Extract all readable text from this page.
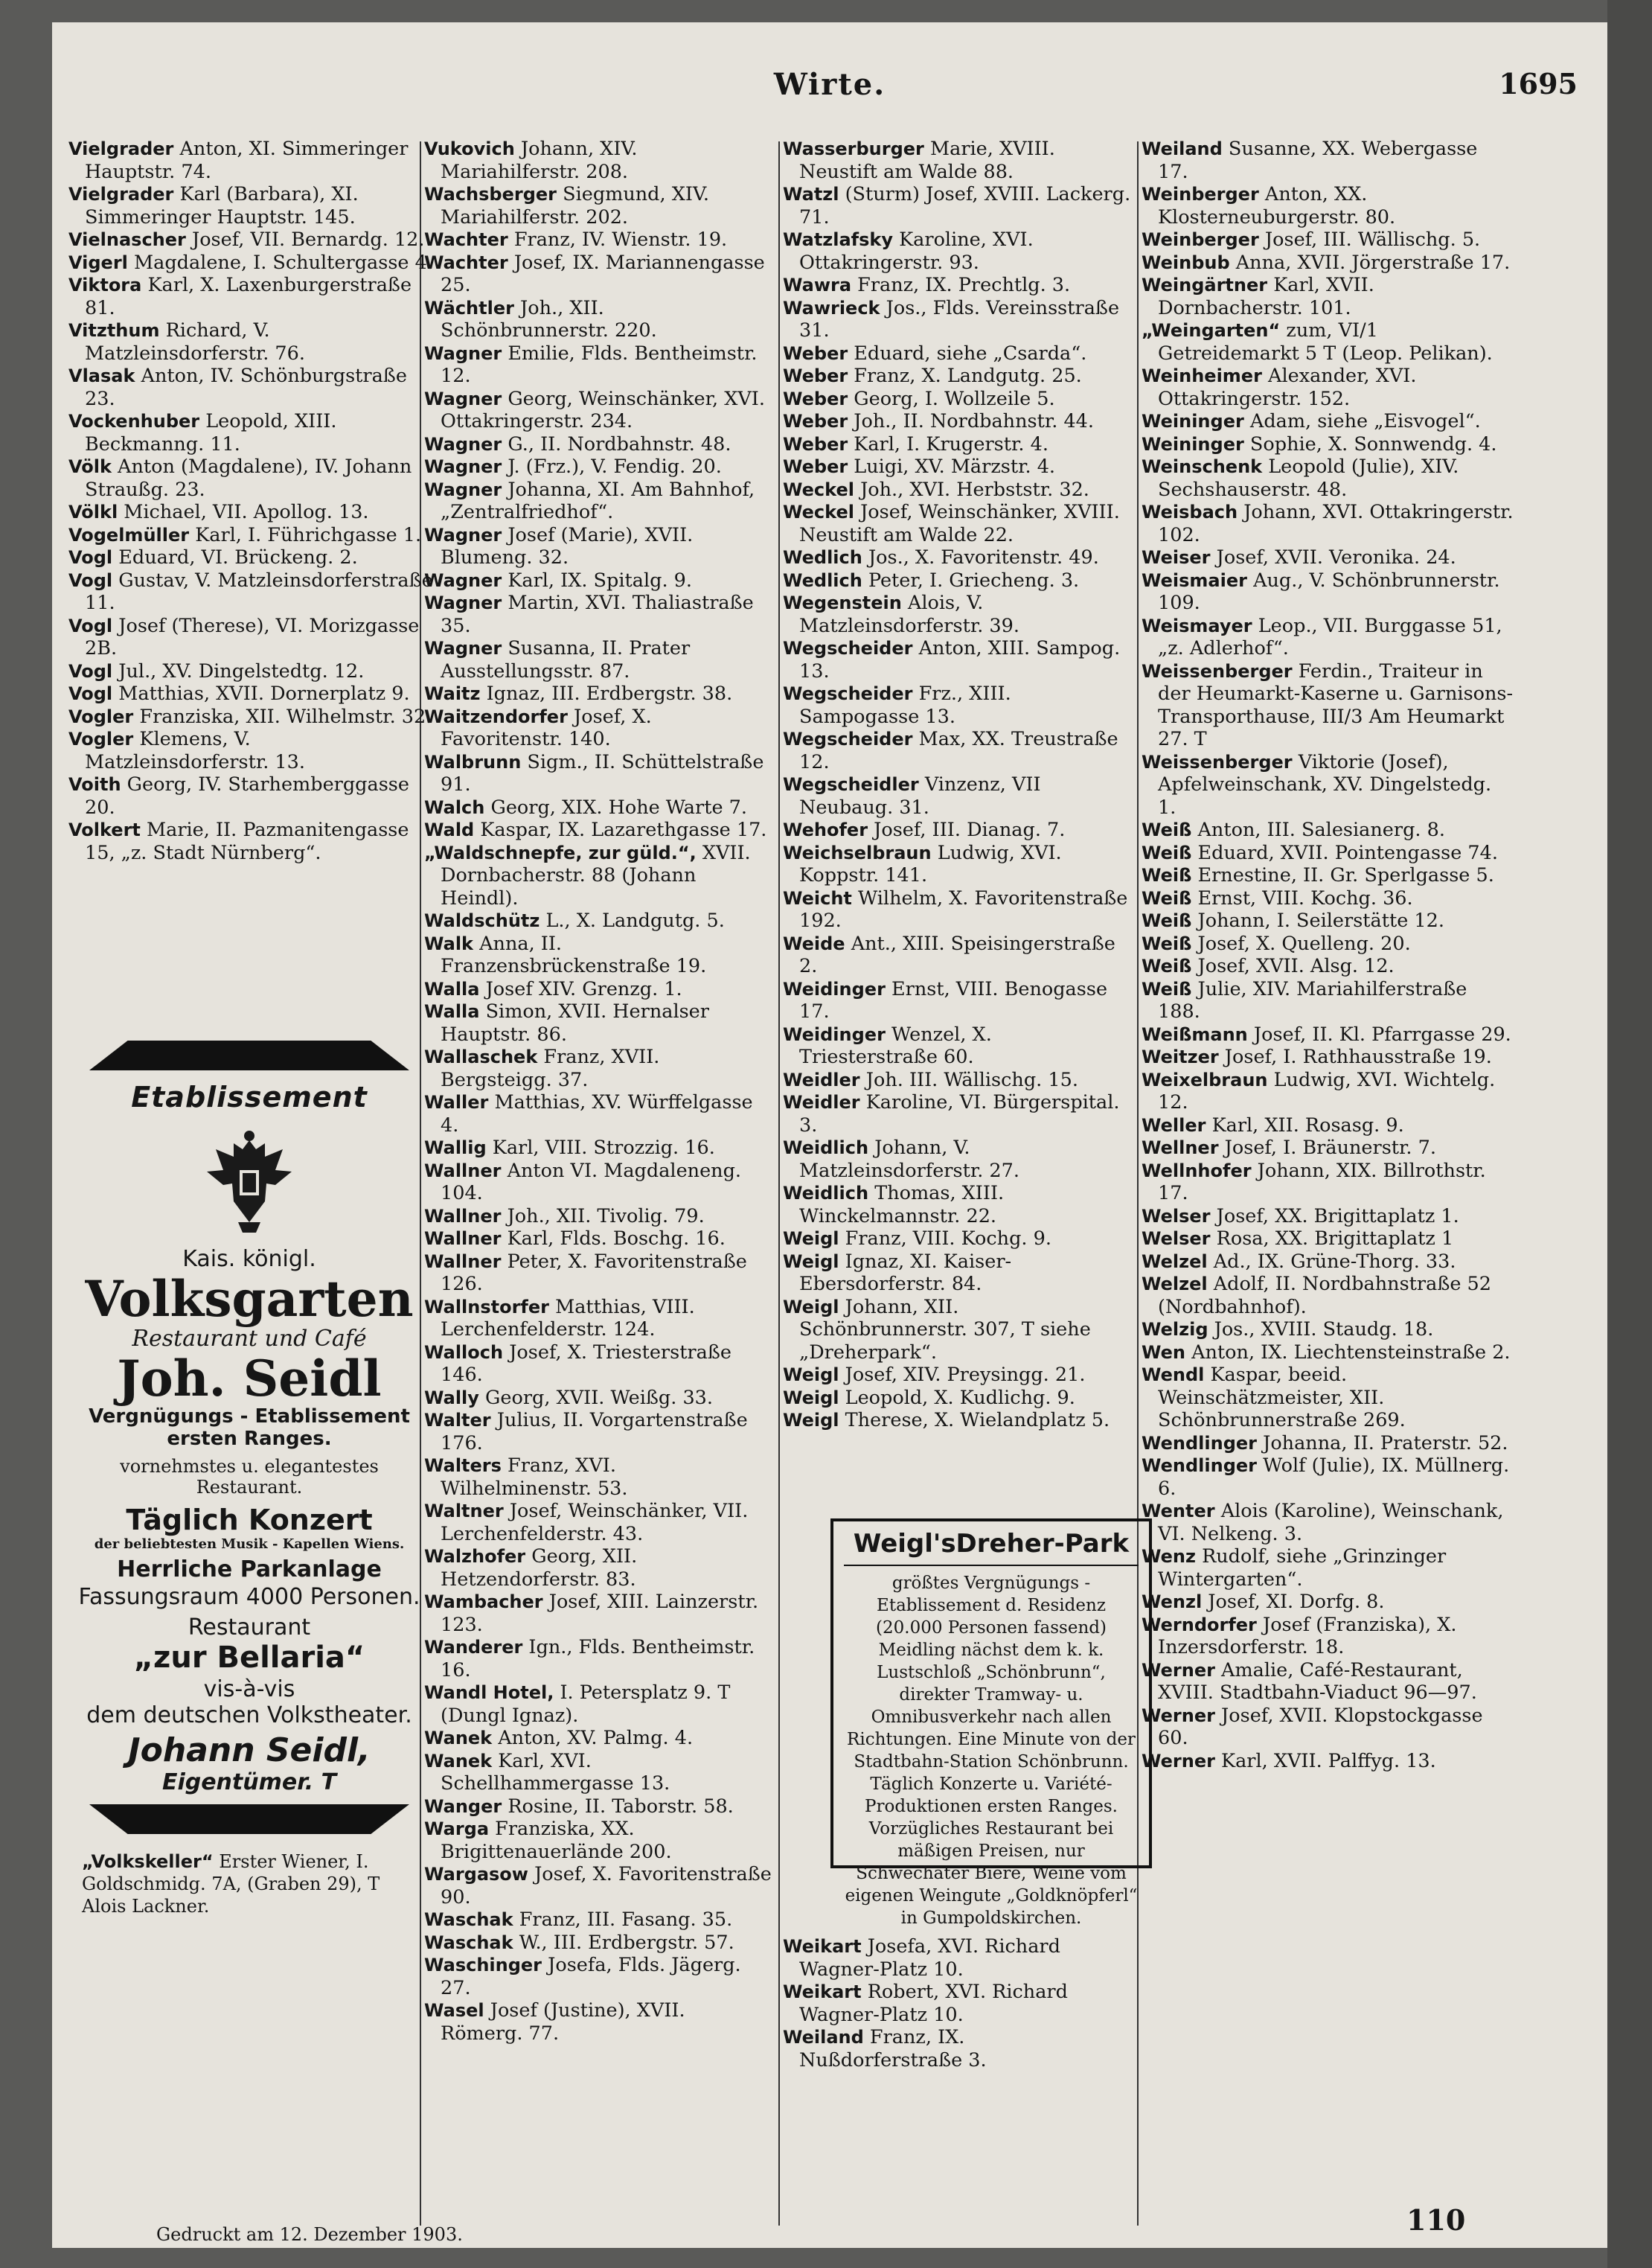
Wirte.	1695

Vielgrader Anton, XI. Simmeringer Hauptstr. 74.

Vielgrader Karl (Barbara), XI. Simmeringer Hauptstr. 145.

Vielnascher Josef, VII. Bernardg. 12.

Vigerl Magdalene, I. Schultergasse 4.

Viktora Karl, X. Laxenburgerstraße 81.

Vitzthum Richard, V. Matzleinsdorferstr. 76.

Vlasak Anton, IV. Schönburgstraße 23.

Vockenhuber Leopold, XIII. Beckmanng. 11.

Völk Anton (Magdalene), IV. Johann Straußg. 23.

Völkl Michael, VII. Apollog. 13.

Vogelmüller Karl, I. Führichgasse 1.

Vogl Eduard, VI. Brückeng. 2.

Vogl Gustav, V. Matzleinsdorferstraße 11.

Vogl Josef (Therese), VI. Morizgasse 2B.

Vogl Jul., XV. Dingelstedtg. 12.

Vogl Matthias, XVII. Dornerplatz 9.

Vogler Franziska, XII. Wilhelmstr. 32.

Vogler Klemens, V. Matzleinsdorferstr. 13.

Voith Georg, IV. Starhemberggasse 20.

Volkert Marie, II. Pazmanitengasse 15, „z. Stadt Nürnberg“.

Vukovich Johann, XIV. Mariahilferstr. 208.

Wachsberger Siegmund, XIV. Mariahilferstr. 202.

Wachter Franz, IV. Wienstr. 19.

Wachter Josef, IX. Mariannengasse 25.

Wächtler Joh., XII. Schönbrunnerstr. 220.

Wagner Emilie, Flds. Bentheimstr. 12.

Wagner Georg, Weinschänker, XVI. Ottakringerstr. 234.

Wagner G., II. Nordbahnstr. 48.

Wagner J. (Frz.), V. Fendig. 20.

Wagner Johanna, XI. Am Bahnhof, „Zentralfriedhof“.

Wagner Josef (Marie), XVII. Blumeng. 32.

Wagner Karl, IX. Spitalg. 9.

Wagner Martin, XVI. Thaliastraße 35.

Wagner Susanna, II. Prater Ausstellungsstr. 87.

Waitz Ignaz, III. Erdbergstr. 38.

Waitzendorfer Josef, X. Favoritenstr. 140.

Walbrunn Sigm., II. Schüttelstraße 91.

Walch Georg, XIX. Hohe Warte 7.

Wald Kaspar, IX. Lazarethgasse 17.

„Waldschnepfe, zur güld.“, XVII. Dornbacherstr. 88 (Johann Heindl).

Waldschütz L., X. Landgutg. 5.

Walk Anna, II. Franzensbrückenstraße 19.

Walla Josef XIV. Grenzg. 1.

Walla Simon, XVII. Hernalser Hauptstr. 86.

Wallaschek Franz, XVII. Bergsteigg. 37.

Waller Matthias, XV. Würffelgasse 4.

Wallig Karl, VIII. Strozzig. 16.

Wallner Anton VI. Magdaleneng. 104.

Wallner Joh., XII. Tivolig. 79.

Wallner Karl, Flds. Boschg. 16.

Wallner Peter, X. Favoritenstraße 126.

Wallnstorfer Matthias, VIII. Lerchenfelderstr. 124.

Walloch Josef, X. Triesterstraße 146.

Wally Georg, XVII. Weißg. 33.

Walter Julius, II. Vorgartenstraße 176.

Walters Franz, XVI. Wilhelminenstr. 53.

Waltner Josef, Weinschänker, VII. Lerchenfelderstr. 43.

Walzhofer Georg, XII. Hetzendorferstr. 83.

Wambacher Josef, XIII. Lainzerstr. 123.

Wanderer Ign., Flds. Bentheimstr. 16.

Wandl Hotel, I. Petersplatz 9. T (Dungl Ignaz).

Wanek Anton, XV. Palmg. 4.

Wanek Karl, XVI. Schellhammergasse 13.

Wanger Rosine, II. Taborstr. 58.

Warga Franziska, XX. Brigittenauerlände 200.

Wargasow Josef, X. Favoritenstraße 90.

Waschak Franz, III. Fasang. 35.

Waschak W., III. Erdbergstr. 57.

Waschinger Josefa, Flds. Jägerg. 27.

Wasel Josef (Justine), XVII. Römerg. 77.

Wasserburger Marie, XVIII. Neustift am Walde 88.

Watzl (Sturm) Josef, XVIII. Lackerg. 71.

Watzlafsky Karoline, XVI. Ottakringerstr. 93.

Wawra Franz, IX. Prechtlg. 3.

Wawrieck Jos., Flds. Vereinsstraße 31.

Weber Eduard, siehe „Csarda“.

Weber Franz, X. Landgutg. 25.

Weber Georg, I. Wollzeile 5.

Weber Joh., II. Nordbahnstr. 44.

Weber Karl, I. Krugerstr. 4.

Weber Luigi, XV. Märzstr. 4.

Weckel Joh., XVI. Herbststr. 32.

Weckel Josef, Weinschänker, XVIII. Neustift am Walde 22.

Wedlich Jos., X. Favoritenstr. 49.

Wedlich Peter, I. Griecheng. 3.

Wegenstein Alois, V. Matzleinsdorferstr. 39.

Wegscheider Anton, XIII. Sampog. 13.

Wegscheider Frz., XIII. Sampogasse 13.

Wegscheider Max, XX. Treustraße 12.

Wegscheidler Vinzenz, VII Neubaug. 31.

Wehofer Josef, III. Dianag. 7.

Weichselbraun Ludwig, XVI. Koppstr. 141.

Weicht Wilhelm, X. Favoritenstraße 192.

Weide Ant., XIII. Speisingerstraße 2.

Weidinger Ernst, VIII. Benogasse 17.

Weidinger Wenzel, X. Triesterstraße 60.

Weidler Joh. III. Wällischg. 15.

Weidler Karoline, VI. Bürgerspital. 3.

Weidlich Johann, V. Matzleinsdorferstr. 27.

Weidlich Thomas, XIII. Winckelmannstr. 22.

Weigl Franz, VIII. Kochg. 9.

Weigl Ignaz, XI. Kaiser-Ebersdorferstr. 84.

Weigl Johann, XII. Schönbrunnerstr. 307, T siehe „Dreherpark“.

Weigl Josef, XIV. Preysingg. 21.

Weigl Leopold, X. Kudlichg. 9.

Weigl Therese, X. Wielandplatz 5.

Weikart Josefa, XVI. Richard Wagner-Platz 10.

Weikart Robert, XVI. Richard Wagner-Platz 10.

Weiland Franz, IX. Nußdorferstraße 3.

Weiland Susanne, XX. Webergasse 17.

Weinberger Anton, XX. Klosterneuburgerstr. 80.

Weinberger Josef, III. Wällischg. 5.

Weinbub Anna, XVII. Jörgerstraße 17.

Weingärtner Karl, XVII. Dornbacherstr. 101.

„Weingarten“ zum, VI/1 Getreidemarkt 5 T (Leop. Pelikan).

Weinheimer Alexander, XVI. Ottakringerstr. 152.

Weininger Adam, siehe „Eisvogel“.

Weininger Sophie, X. Sonnwendg. 4.

Weinschenk Leopold (Julie), XIV. Sechshauserstr. 48.

Weisbach Johann, XVI. Ottakringerstr. 102.

Weiser Josef, XVII. Veronika. 24.

Weismaier Aug., V. Schönbrunnerstr. 109.

Weismayer Leop., VII. Burggasse 51, „z. Adlerhof“.

Weissenberger Ferdin., Traiteur in der Heumarkt-Kaserne u. Garnisons-Transporthause, III/3 Am Heumarkt 27. T

Weissenberger Viktorie (Josef), Apfelweinschank, XV. Dingelstedg. 1.

Weiß Anton, III. Salesianerg. 8.

Weiß Eduard, XVII. Pointengasse 74.

Weiß Ernestine, II. Gr. Sperlgasse 5.

Weiß Ernst, VIII. Kochg. 36.

Weiß Johann, I. Seilerstätte 12.

Weiß Josef, X. Quelleng. 20.

Weiß Josef, XVII. Alsg. 12.

Weiß Julie, XIV. Mariahilferstraße 188.

Weißmann Josef, II. Kl. Pfarrgasse 29.

Weitzer Josef, I. Rathhausstraße 19.

Weixelbraun Ludwig, XVI. Wichtelg. 12.

Weller Karl, XII. Rosasg. 9.

Wellner Josef, I. Bräunerstr. 7.

Wellnhofer Johann, XIX. Billrothstr. 17.

Welser Josef, XX. Brigittaplatz 1.

Welser Rosa, XX. Brigittaplatz 1

Welzel Ad., IX. Grüne-Thorg. 33.

Welzel Adolf, II. Nordbahnstraße 52 (Nordbahnhof).

Welzig Jos., XVIII. Staudg. 18.

Wen Anton, IX. Liechtensteinstraße 2.

Wendl Kaspar, beeid. Weinschätzmeister, XII. Schönbrunnerstraße 269.

Wendlinger Johanna, II. Praterstr. 52.

Wendlinger Wolf (Julie), IX. Müllnerg. 6.

Wenter Alois (Karoline), Weinschank, VI. Nelkeng. 3.

Wenz Rudolf, siehe „Grinzinger Wintergarten“.

Wenzl Josef, XI. Dorfg. 8.

Werndorfer Josef (Franziska), X. Inzersdorferstr. 18.

Werner Amalie, Café-Restaurant, XVIII. Stadtbahn-Viaduct 96—97.

Werner Josef, XVII. Klopstockgasse 60.

Werner Karl, XVII. Palffyg. 13.

Etablissement
Kais. königl.
Volksgarten
Restaurant und Café
Joh. Seidl
Vergnügungs - Etablissement
ersten Ranges.
vornehmstes u. elegantestes Restaurant.
Täglich Konzert
der beliebtesten Musik - Kapellen Wiens.
Herrliche Parkanlage
Fassungsraum 4000 Personen.
Restaurant
„zur Bellaria“
vis-à-vis
dem deutschen Volkstheater.
Johann Seidl,
Eigentümer. T
„Volkskeller“ Erster Wiener, I. Goldschmidg. 7A, (Graben 29), T Alois Lackner.
Weigl'sDreher-Park
größtes Vergnügungs - Etablissement d. Residenz (20.000 Personen fassend) Meidling nächst dem k. k. Lustschloß „Schönbrunn“, direkter Tramway- u. Omnibusverkehr nach allen Richtungen. Eine Minute von der Stadtbahn-Station Schönbrunn. Täglich Konzerte u. Variété-Produktionen ersten Ranges. Vorzügliches Restaurant bei mäßigen Preisen, nur Schwechater Biere, Weine vom eigenen Weingute „Goldknöpferl“ in Gumpoldskirchen.
Gedruckt am 12. Dezember 1903.	110
